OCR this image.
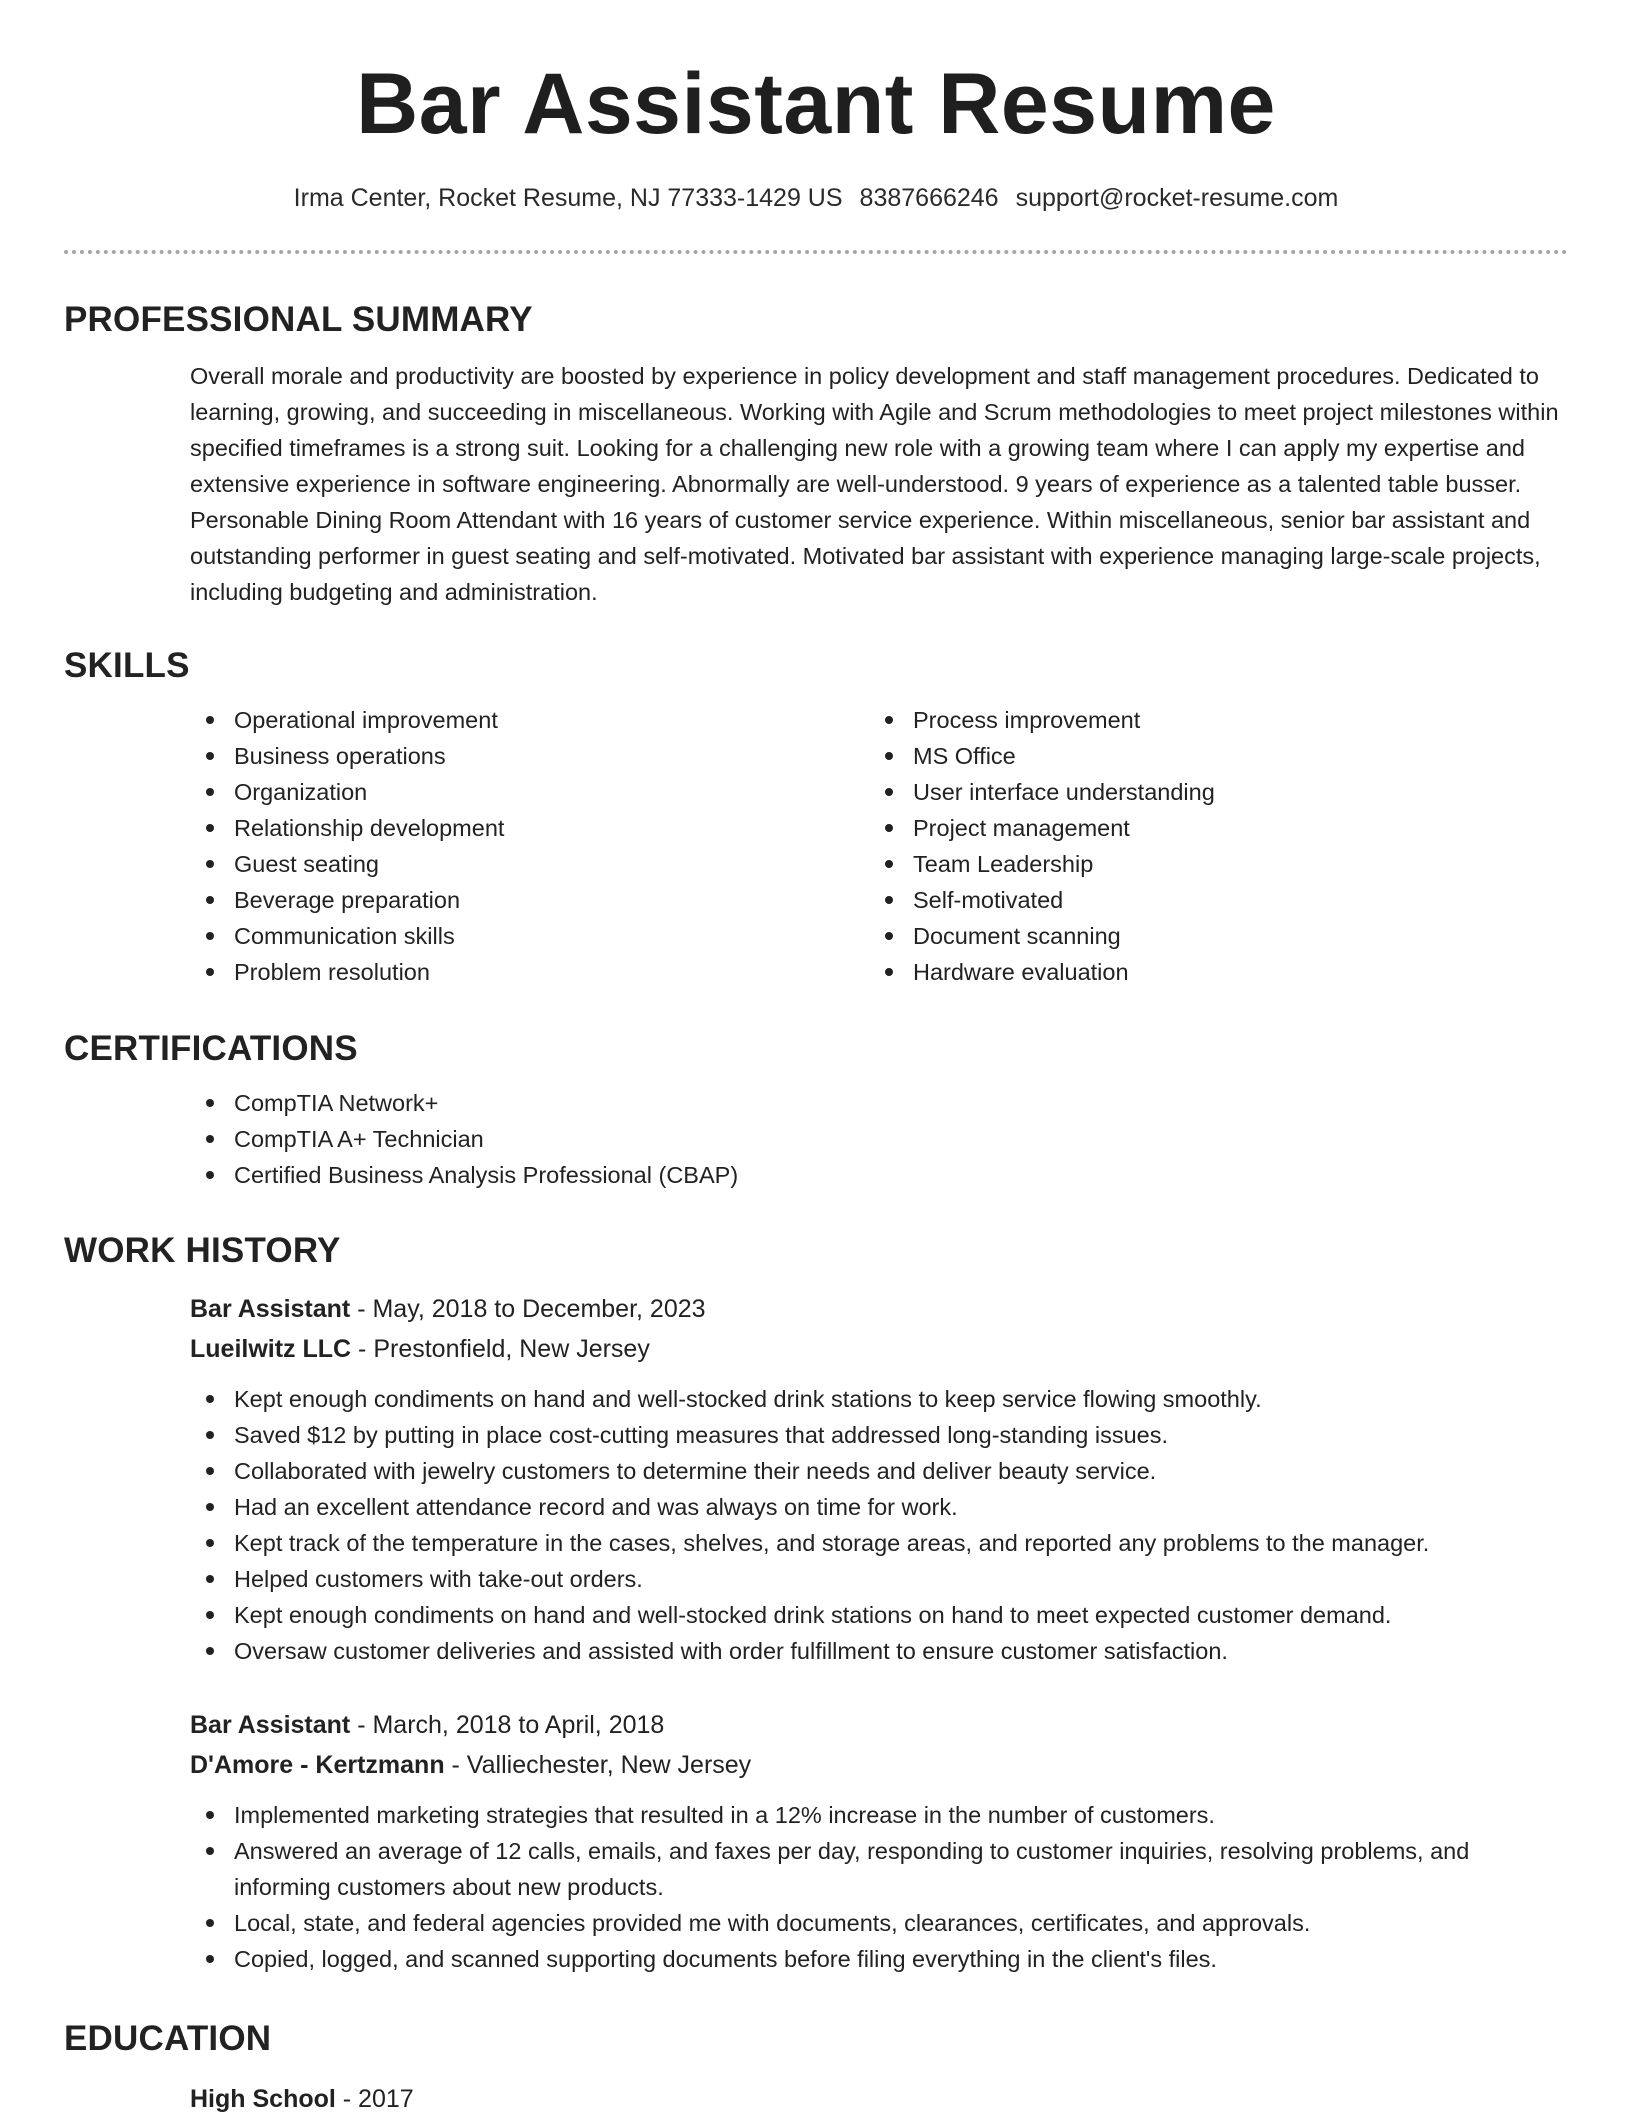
Bar Assistant Resume
Irma Center, Rocket Resume, NJ 77333-1429 US 8387666246 support@rocket-resume.com
PROFESSIONAL SUMMARY

Overall morale and productivity are boosted by experience in policy development and staff management procedures. Dedicated to learning, growing, and succeeding in miscellaneous. Working with Agile and Scrum methodologies to meet project milestones within specified timeframes is a strong suit. Looking for a challenging new role with a growing team where I can apply my expertise and extensive experience in software engineering. Abnormally are well-understood. 9 years of experience as a talented table busser. Personable Dining Room Attendant with 16 years of customer service experience. Within miscellaneous, senior bar assistant and outstanding performer in guest seating and self-motivated. Motivated bar assistant with experience managing large-scale projects, including budgeting and administration.

SKILLS
Operational improvement
Business operations
Organization
Relationship development
Guest seating
Beverage preparation
Communication skills
Problem resolution
Process improvement
MS Office
User interface understanding
Project management
Team Leadership
Self-motivated
Document scanning
Hardware evaluation
CERTIFICATIONS
CompTIA Network+
CompTIA A+ Technician
Certified Business Analysis Professional (CBAP)
WORK HISTORY
Bar Assistant - May, 2018 to December, 2023
Lueilwitz LLC - Prestonfield, New Jersey
Kept enough condiments on hand and well-stocked drink stations to keep service flowing smoothly.
Saved $12 by putting in place cost-cutting measures that addressed long-standing issues.
Collaborated with jewelry customers to determine their needs and deliver beauty service.
Had an excellent attendance record and was always on time for work.
Kept track of the temperature in the cases, shelves, and storage areas, and reported any problems to the manager.
Helped customers with take-out orders.
Kept enough condiments on hand and well-stocked drink stations on hand to meet expected customer demand.
Oversaw customer deliveries and assisted with order fulfillment to ensure customer satisfaction.
Bar Assistant - March, 2018 to April, 2018
D'Amore - Kertzmann - Valliechester, New Jersey
Implemented marketing strategies that resulted in a 12% increase in the number of customers.
Answered an average of 12 calls, emails, and faxes per day, responding to customer inquiries, resolving problems, and informing customers about new products.
Local, state, and federal agencies provided me with documents, clearances, certificates, and approvals.
Copied, logged, and scanned supporting documents before filing everything in the client's files.
EDUCATION
High School - 2017
